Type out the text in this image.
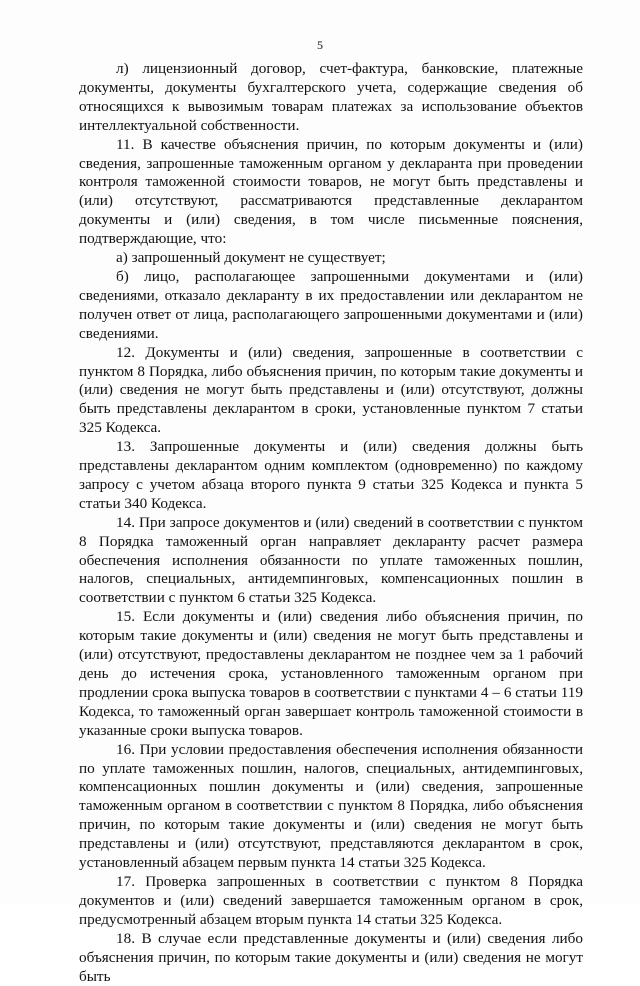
5

л) лицензионный договор, счет-фактура, банковские, платежные документы, документы бухгалтерского учета, содержащие сведения об относящихся к вывозимым товарам платежах за использование объектов интеллектуальной собственности.

11. В качестве объяснения причин, по которым документы и (или) сведения, запрошенные таможенным органом у декларанта при проведении контроля таможенной стоимости товаров, не могут быть представлены и (или) отсутствуют, рассматриваются представленные декларантом документы и (или) сведения, в том числе письменные пояснения, подтверждающие, что:

а) запрошенный документ не существует;

б) лицо, располагающее запрошенными документами и (или) сведениями, отказало декларанту в их предоставлении или декларантом не получен ответ от лица, располагающего запрошенными документами и (или) сведениями.

12. Документы и (или) сведения, запрошенные в соответствии с пунктом 8 Порядка, либо объяснения причин, по которым такие документы и (или) сведения не могут быть представлены и (или) отсутствуют, должны быть представлены декларантом в сроки, установленные пунктом 7 статьи 325 Кодекса.

13. Запрошенные документы и (или) сведения должны быть представлены декларантом одним комплектом (одновременно) по каждому запросу с учетом абзаца второго пункта 9 статьи 325 Кодекса и пункта 5 статьи 340 Кодекса.

14. При запросе документов и (или) сведений в соответствии с пунктом 8 Порядка таможенный орган направляет декларанту расчет размера обеспечения исполнения обязанности по уплате таможенных пошлин, налогов, специальных, антидемпинговых, компенсационных пошлин в соответствии с пунктом 6 статьи 325 Кодекса.

15. Если документы и (или) сведения либо объяснения причин, по которым такие документы и (или) сведения не могут быть представлены и (или) отсутствуют, предоставлены декларантом не позднее чем за 1 рабочий день до истечения срока, установленного таможенным органом при продлении срока выпуска товаров в соответствии с пунктами 4 – 6 статьи 119 Кодекса, то таможенный орган завершает контроль таможенной стоимости в указанные сроки выпуска товаров.

16. При условии предоставления обеспечения исполнения обязанности по уплате таможенных пошлин, налогов, специальных, антидемпинговых, компенсационных пошлин документы и (или) сведения, запрошенные таможенным органом в соответствии с пунктом 8 Порядка, либо объяснения причин, по которым такие документы и (или) сведения не могут быть представлены и (или) отсутствуют, представляются декларантом в срок, установленный абзацем первым пункта 14 статьи 325 Кодекса.

17. Проверка запрошенных в соответствии с пунктом 8 Порядка документов и (или) сведений завершается таможенным органом в срок, предусмотренный абзацем вторым пункта 14 статьи 325 Кодекса.

18. В случае если представленные документы и (или) сведения либо объяснения причин, по которым такие документы и (или) сведения не могут быть
